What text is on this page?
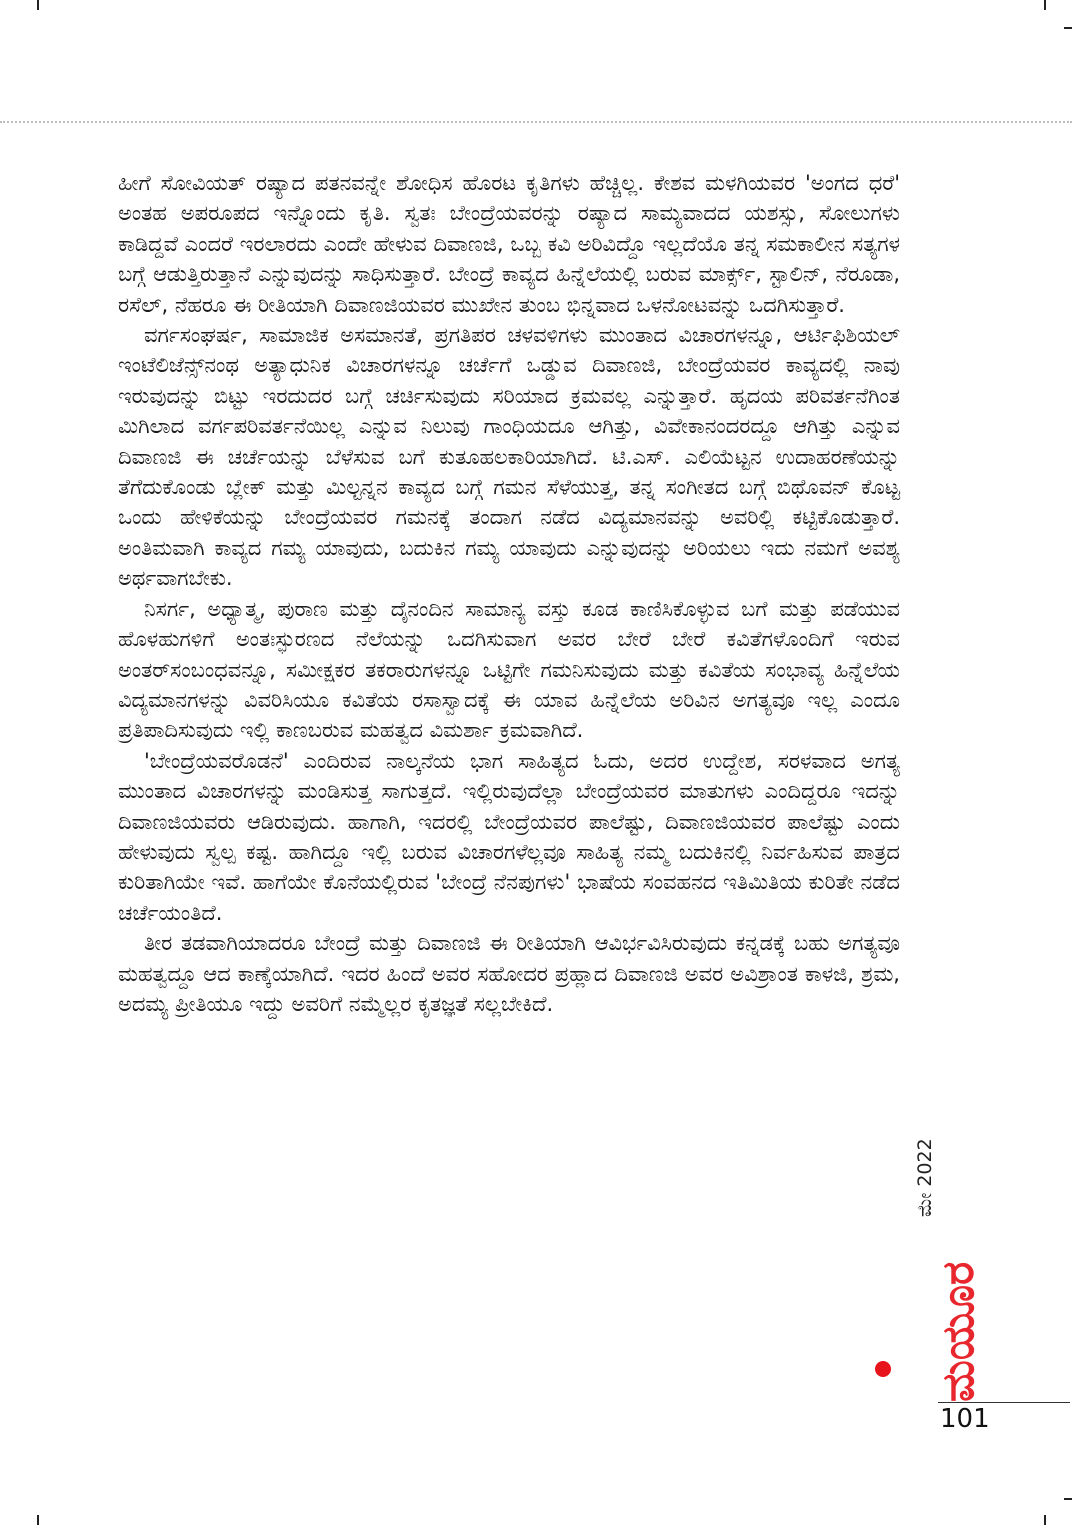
ಹೀಗೆ ಸೋವಿಯತ್ ರಷ್ಯಾದ ಪತನವನ್ನೇ ಶೋಧಿಸ ಹೊರಟ ಕೃತಿಗಳು ಹೆಚ್ಚಿಲ್ಲ. ಕೇಶವ ಮಳಗಿಯವರ 'ಅಂಗದ ಧರೆ' ಅಂತಹ ಅಪರೂಪದ ಇನ್ನೊಂದು ಕೃತಿ. ಸ್ವತಃ ಬೇಂದ್ರೆಯವರನ್ನು ರಷ್ಯಾದ ಸಾಮ್ಯವಾದದ ಯಶಸ್ಸು, ಸೋಲುಗಳು ಕಾಡಿದ್ದವೆ ಎಂದರೆ ಇರಲಾರದು ಎಂದೇ ಹೇಳುವ ದಿವಾಣಜಿ, ಒಬ್ಬ ಕವಿ ಅರಿವಿದ್ದೊ ಇಲ್ಲದೆಯೊ ತನ್ನ ಸಮಕಾಲೀನ ಸತ್ಯಗಳ ಬಗ್ಗೆ ಆಡುತ್ತಿರುತ್ತಾನೆ ಎನ್ನುವುದನ್ನು ಸಾಧಿಸುತ್ತಾರೆ. ಬೇಂದ್ರೆ ಕಾವ್ಯದ ಹಿನ್ನೆಲೆಯಲ್ಲಿ ಬರುವ ಮಾರ್ಕ್ಸ್, ಸ್ಟಾಲಿನ್, ನೆರೂಡಾ, ರಸೆಲ್, ನೆಹರೂ ಈ ರೀತಿಯಾಗಿ ದಿವಾಣಜಿಯವರ ಮುಖೇನ ತುಂಬ ಭಿನ್ನವಾದ ಒಳನೋಟವನ್ನು ಒದಗಿಸುತ್ತಾರೆ.

ವರ್ಗಸಂಘರ್ಷ, ಸಾಮಾಜಿಕ ಅಸಮಾನತೆ, ಪ್ರಗತಿಪರ ಚಳವಳಿಗಳು ಮುಂತಾದ ವಿಚಾರಗಳನ್ನೂ, ಆರ್ಟಿಫಿಶಿಯಲ್ ಇಂಟೆಲಿಜೆನ್ಸ್‌ನಂಥ ಅತ್ಯಾಧುನಿಕ ವಿಚಾರಗಳನ್ನೂ ಚರ್ಚೆಗೆ ಒಡ್ಡುವ ದಿವಾಣಜಿ, ಬೇಂದ್ರೆಯವರ ಕಾವ್ಯದಲ್ಲಿ ನಾವು ಇರುವುದನ್ನು ಬಿಟ್ಟು ಇರದುದರ ಬಗ್ಗೆ ಚರ್ಚಿಸುವುದು ಸರಿಯಾದ ಕ್ರಮವಲ್ಲ ಎನ್ನುತ್ತಾರೆ. ಹೃದಯ ಪರಿವರ್ತನೆಗಿಂತ ಮಿಗಿಲಾದ ವರ್ಗಪರಿವರ್ತನೆಯಿಲ್ಲ ಎನ್ನುವ ನಿಲುವು ಗಾಂಧಿಯದೂ ಆಗಿತ್ತು, ವಿವೇಕಾನಂದರದ್ದೂ ಆಗಿತ್ತು ಎನ್ನುವ ದಿವಾಣಜಿ ಈ ಚರ್ಚೆಯನ್ನು ಬೆಳೆಸುವ ಬಗೆ ಕುತೂಹಲಕಾರಿಯಾಗಿದೆ. ಟಿ.ಎಸ್. ಎಲಿಯೆಟ್ಟನ ಉದಾಹರಣೆಯನ್ನು ತೆಗೆದುಕೊಂಡು ಬ್ಲೇಕ್ ಮತ್ತು ಮಿಲ್ಟನ್ನನ ಕಾವ್ಯದ ಬಗ್ಗೆ ಗಮನ ಸೆಳೆಯುತ್ತ, ತನ್ನ ಸಂಗೀತದ ಬಗ್ಗೆ ಬಿಥೊವನ್ ಕೊಟ್ಟ ಒಂದು ಹೇಳಿಕೆಯನ್ನು ಬೇಂದ್ರೆಯವರ ಗಮನಕ್ಕೆ ತಂದಾಗ ನಡೆದ ವಿದ್ಯಮಾನವನ್ನು ಅವರಿಲ್ಲಿ ಕಟ್ಟಿಕೊಡುತ್ತಾರೆ. ಅಂತಿಮವಾಗಿ ಕಾವ್ಯದ ಗಮ್ಯ ಯಾವುದು, ಬದುಕಿನ ಗಮ್ಯ ಯಾವುದು ಎನ್ನುವುದನ್ನು ಅರಿಯಲು ಇದು ನಮಗೆ ಅವಶ್ಯ ಅರ್ಥವಾಗಬೇಕು.

ನಿಸರ್ಗ, ಅಧ್ಯಾತ್ಮ, ಪುರಾಣ ಮತ್ತು ದೈನಂದಿನ ಸಾಮಾನ್ಯ ವಸ್ತು ಕೂಡ ಕಾಣಿಸಿಕೊಳ್ಳುವ ಬಗೆ ಮತ್ತು ಪಡೆಯುವ ಹೊಳಹುಗಳಿಗೆ ಅಂತಃಸ್ಫುರಣದ ನೆಲೆಯನ್ನು ಒದಗಿಸುವಾಗ ಅವರ ಬೇರೆ ಬೇರೆ ಕವಿತೆಗಳೊಂದಿಗೆ ಇರುವ ಅಂತರ್‌ಸಂಬಂಧವನ್ನೂ, ಸಮೀಕ್ಷಕರ ತಕರಾರುಗಳನ್ನೂ ಒಟ್ಟಿಗೇ ಗಮನಿಸುವುದು ಮತ್ತು ಕವಿತೆಯ ಸಂಭಾವ್ಯ ಹಿನ್ನೆಲೆಯ ವಿದ್ಯಮಾನಗಳನ್ನು ವಿವರಿಸಿಯೂ ಕವಿತೆಯ ರಸಾಸ್ವಾದಕ್ಕೆ ಈ ಯಾವ ಹಿನ್ನೆಲೆಯ ಅರಿವಿನ ಅಗತ್ಯವೂ ಇಲ್ಲ ಎಂದೂ ಪ್ರತಿಪಾದಿಸುವುದು ಇಲ್ಲಿ ಕಾಣಬರುವ ಮಹತ್ವದ ವಿಮರ್ಶಾ ಕ್ರಮವಾಗಿದೆ.

'ಬೇಂದ್ರೆಯವರೊಡನೆ' ಎಂದಿರುವ ನಾಲ್ಕನೆಯ ಭಾಗ ಸಾಹಿತ್ಯದ ಓದು, ಅದರ ಉದ್ದೇಶ, ಸರಳವಾದ ಅಗತ್ಯ ಮುಂತಾದ ವಿಚಾರಗಳನ್ನು ಮಂಡಿಸುತ್ತ ಸಾಗುತ್ತದೆ. ಇಲ್ಲಿರುವುದೆಲ್ಲಾ ಬೇಂದ್ರೆಯವರ ಮಾತುಗಳು ಎಂದಿದ್ದರೂ ಇದನ್ನು ದಿವಾಣಜಿಯವರು ಆಡಿರುವುದು. ಹಾಗಾಗಿ, ಇದರಲ್ಲಿ ಬೇಂದ್ರೆಯವರ ಪಾಲೆಷ್ಟು, ದಿವಾಣಜಿಯವರ ಪಾಲೆಷ್ಟು ಎಂದು ಹೇಳುವುದು ಸ್ವಲ್ಪ ಕಷ್ಟ. ಹಾಗಿದ್ದೂ ಇಲ್ಲಿ ಬರುವ ವಿಚಾರಗಳೆಲ್ಲವೂ ಸಾಹಿತ್ಯ ನಮ್ಮ ಬದುಕಿನಲ್ಲಿ ನಿರ್ವಹಿಸುವ ಪಾತ್ರದ ಕುರಿತಾಗಿಯೇ ಇವೆ. ಹಾಗೆಯೇ ಕೊನೆಯಲ್ಲಿರುವ 'ಬೇಂದ್ರೆ ನೆನಪುಗಳು' ಭಾಷೆಯ ಸಂವಹನದ ಇತಿಮಿತಿಯ ಕುರಿತೇ ನಡೆದ ಚರ್ಚೆಯಂತಿದೆ.

ತೀರ ತಡವಾಗಿಯಾದರೂ ಬೇಂದ್ರೆ ಮತ್ತು ದಿವಾಣಜಿ ಈ ರೀತಿಯಾಗಿ ಆವಿರ್ಭವಿಸಿರುವುದು ಕನ್ನಡಕ್ಕೆ ಬಹು ಅಗತ್ಯವೂ ಮಹತ್ವದ್ದೂ ಆದ ಕಾಣ್ಕೆಯಾಗಿದೆ. ಇದರ ಹಿಂದೆ ಅವರ ಸಹೋದರ ಪ್ರಹ್ಲಾದ ದಿವಾಣಜಿ ಅವರ ಅವಿಶ್ರಾಂತ ಕಾಳಜಿ, ಶ್ರಮ, ಅದಮ್ಯ ಪ್ರೀತಿಯೂ ಇದ್ದು ಅವರಿಗೆ ನಮ್ಮೆಲ್ಲರ ಕೃತಜ್ಞತೆ ಸಲ್ಲಬೇಕಿದೆ.

ಮೇ 2022
ಮಯೂರ
101
